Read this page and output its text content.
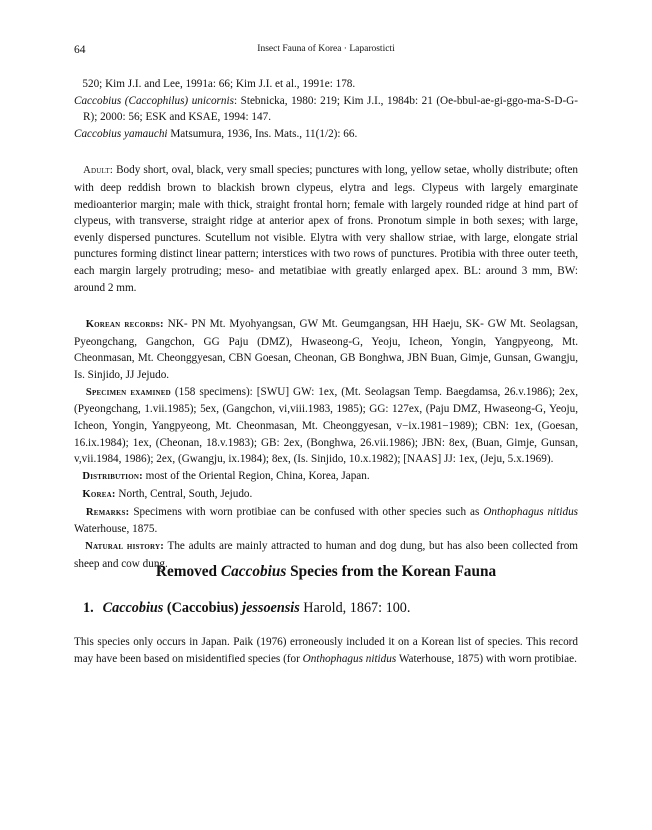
64	Insect Fauna of Korea · Laparosticti

520; Kim J.I. and Lee, 1991a: 66; Kim J.I. et al., 1991e: 178.

Caccobius (Caccophilus) unicornis: Stebnicka, 1980: 219; Kim J.I., 1984b: 21 (Oe-bbul-ae-gi-ggo-ma-S-D-G-R); 2000: 56; ESK and KSAE, 1994: 147.

Caccobius yamauchi Matsumura, 1936, Ins. Mats., 11(1/2): 66.

Adult: Body short, oval, black, very small species; punctures with long, yellow setae, wholly distribute; often with deep reddish brown to blackish brown clypeus, elytra and legs. Clypeus with largely emarginate medioanterior margin; male with thick, straight frontal horn; female with largely rounded ridge at hind part of clypeus, with transverse, straight ridge at anterior apex of frons. Pronotum simple in both sexes; with large, evenly dispersed punctures. Scutellum not visible. Elytra with very shallow striae, with large, elongate strial punctures forming distinct linear pattern; interstices with two rows of punctures. Protibia with three outer teeth, each margin largely protruding; meso- and metatibiae with greatly enlarged apex. BL: around 3 mm, BW: around 2 mm.

Korean records: NK- PN Mt. Myohyangsan, GW Mt. Geumgangsan, HH Haeju, SK- GW Mt. Seolagsan, Pyeongchang, Gangchon, GG Paju (DMZ), Hwaseong-G, Yeoju, Icheon, Yongin, Yangpyeong, Mt. Cheonmasan, Mt. Cheonggyesan, CBN Goesan, Cheonan, GB Bonghwa, JBN Buan, Gimje, Gunsan, Gwangju, Is. Sinjido, JJ Jejudo.

Specimen examined (158 specimens): [SWU] GW: 1ex, (Mt. Seolagsan Temp. Baegdamsa, 26.v.1986); 2ex, (Pyeongchang, 1.vii.1985); 5ex, (Gangchon, vi,viii.1983, 1985); GG: 127ex, (Paju DMZ, Hwaseong-G, Yeoju, Icheon, Yongin, Yangpyeong, Mt. Cheonmasan, Mt. Cheonggyesan, v−ix.1981−1989); CBN: 1ex, (Goesan, 16.ix.1984); 1ex, (Cheonan, 18.v.1983); GB: 2ex, (Bonghwa, 26.vii.1986); JBN: 8ex, (Buan, Gimje, Gunsan, v,vii.1984, 1986); 2ex, (Gwangju, ix.1984); 8ex, (Is. Sinjido, 10.x.1982); [NAAS] JJ: 1ex, (Jeju, 5.x.1969).

Distribution: most of the Oriental Region, China, Korea, Japan.

Korea: North, Central, South, Jejudo.

Remarks: Specimens with worn protibiae can be confused with other species such as Onthophagus nitidus Waterhouse, 1875.

Natural history: The adults are mainly attracted to human and dog dung, but has also been collected from sheep and cow dung.

Removed Caccobius Species from the Korean Fauna
1. Caccobius (Caccobius) jessoensis Harold, 1867: 100.

This species only occurs in Japan. Paik (1976) erroneously included it on a Korean list of species. This record may have been based on misidentified species (for Onthophagus nitidus Waterhouse, 1875) with worn protibiae.
